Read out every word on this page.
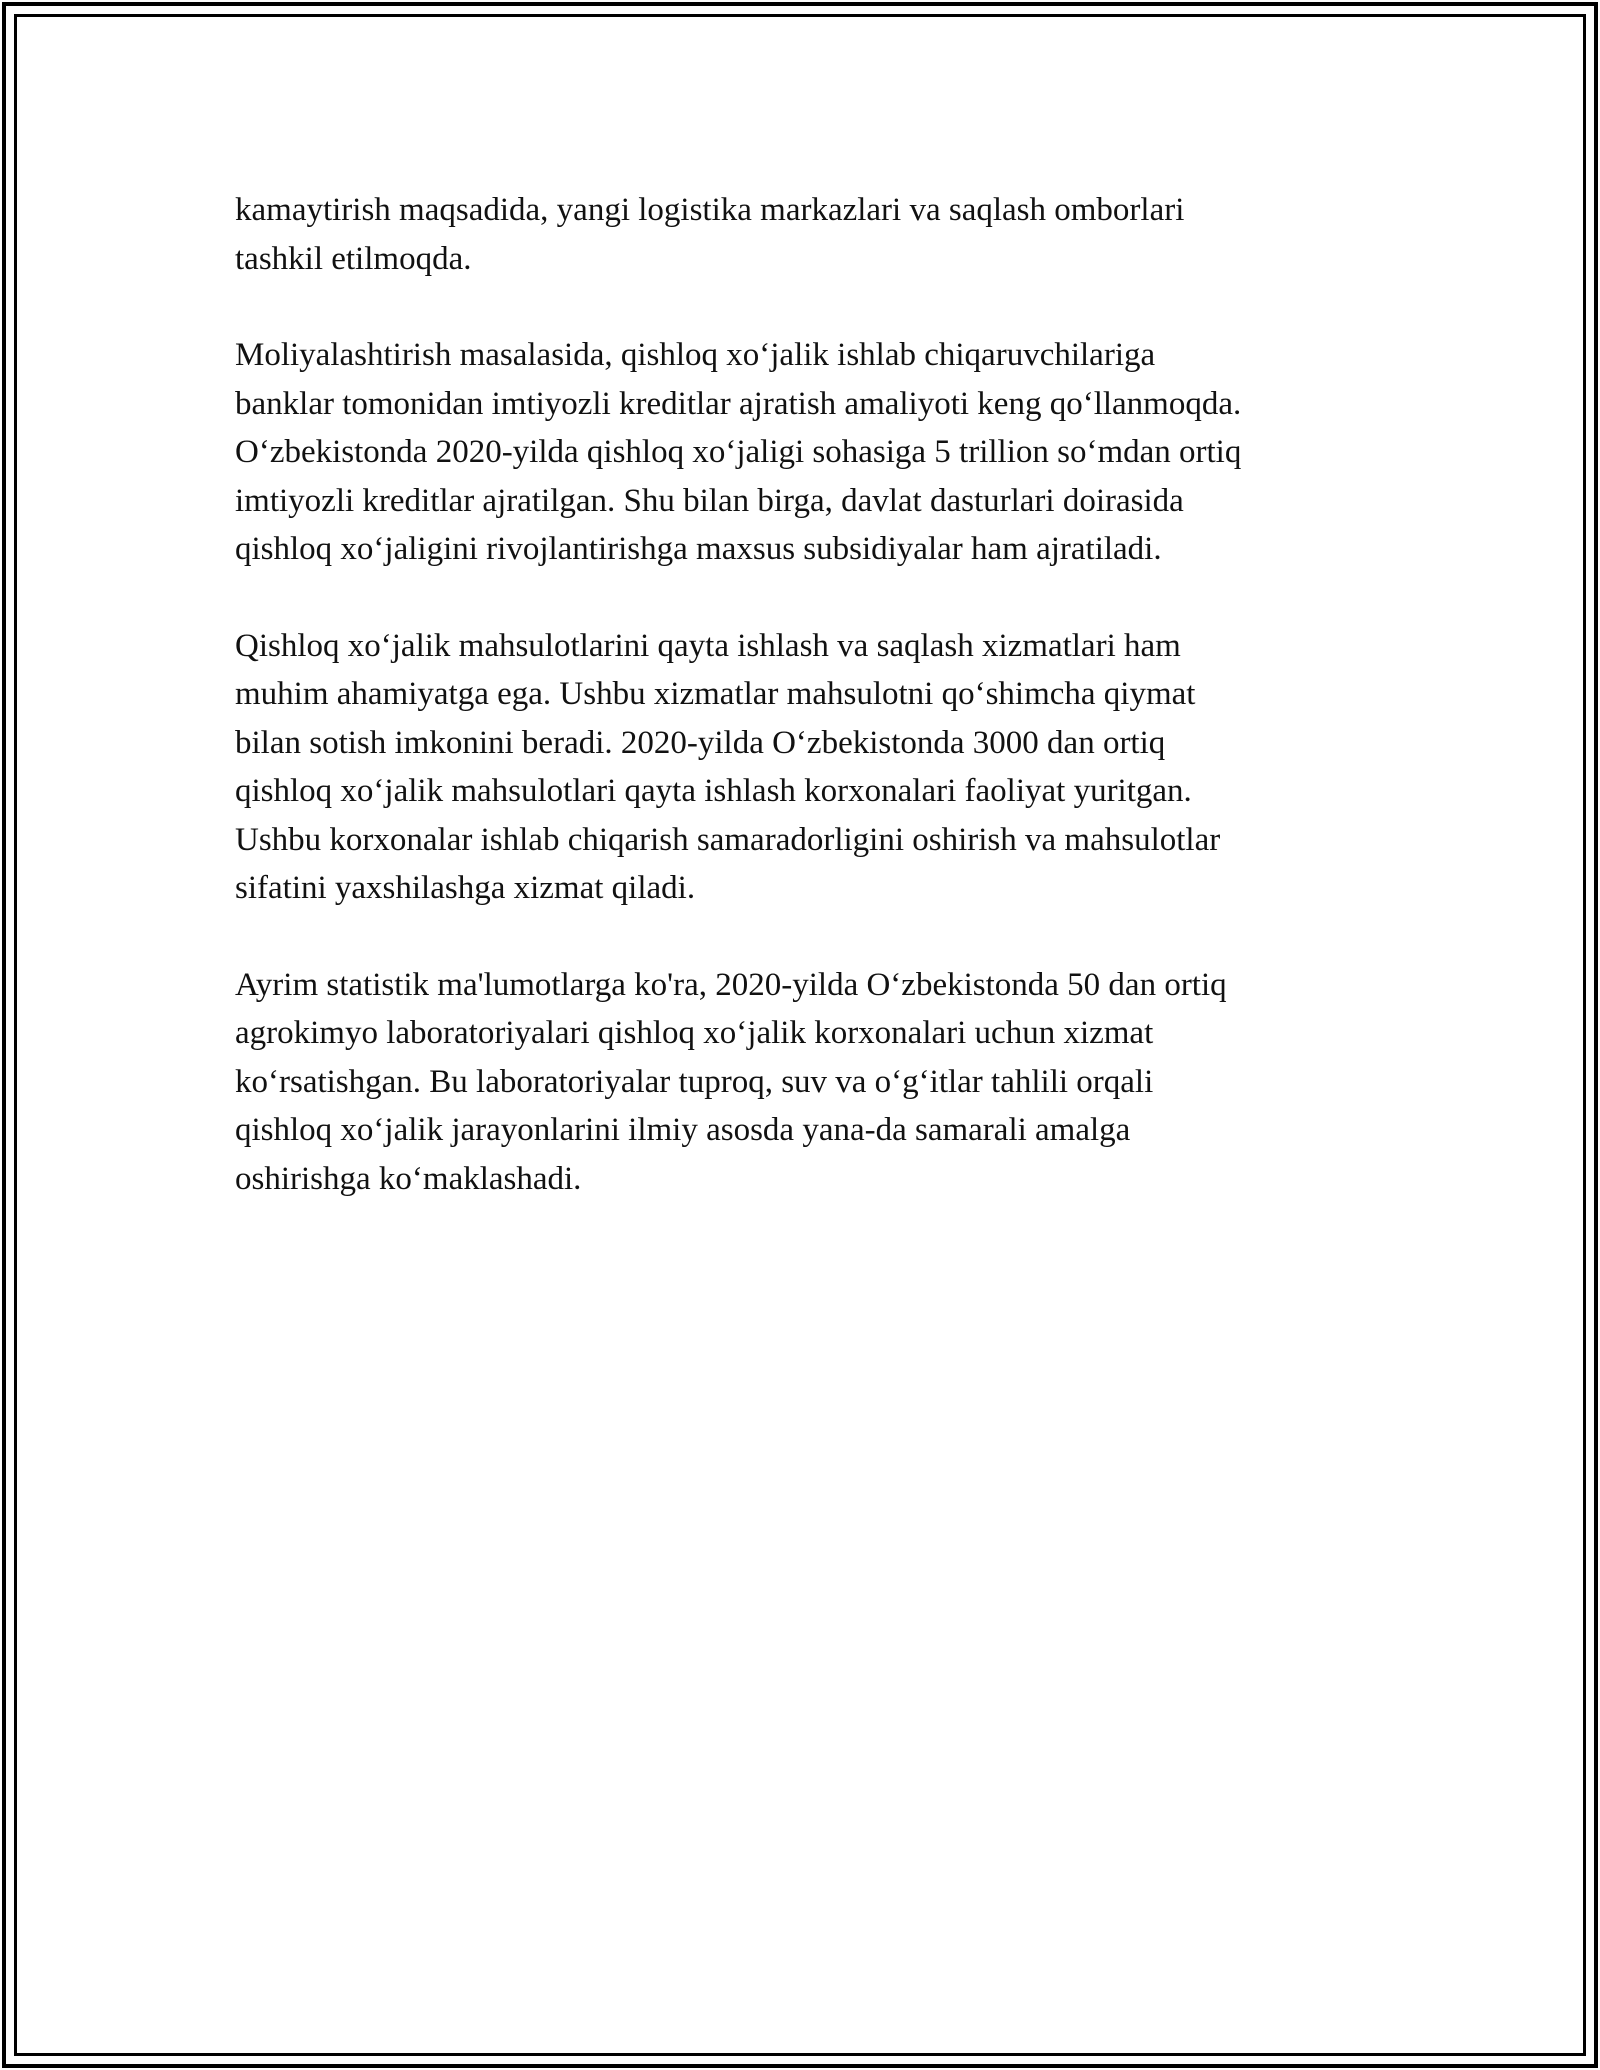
kamaytirish maqsadida, yangi logistika markazlari va saqlash omborlari
tashkil etilmoqda.

Moliyalashtirish masalasida, qishloq xo‘jalik ishlab chiqaruvchilariga
banklar tomonidan imtiyozli kreditlar ajratish amaliyoti keng qo‘llanmoqda.
O‘zbekistonda 2020-yilda qishloq xo‘jaligi sohasiga 5 trillion so‘mdan ortiq
imtiyozli kreditlar ajratilgan. Shu bilan birga, davlat dasturlari doirasida
qishloq xo‘jaligini rivojlantirishga maxsus subsidiyalar ham ajratiladi.

Qishloq xo‘jalik mahsulotlarini qayta ishlash va saqlash xizmatlari ham
muhim ahamiyatga ega. Ushbu xizmatlar mahsulotni qo‘shimcha qiymat
bilan sotish imkonini beradi. 2020-yilda O‘zbekistonda 3000 dan ortiq
qishloq xo‘jalik mahsulotlari qayta ishlash korxonalari faoliyat yuritgan.
Ushbu korxonalar ishlab chiqarish samaradorligini oshirish va mahsulotlar
sifatini yaxshilashga xizmat qiladi.

Ayrim statistik ma'lumotlarga ko'ra, 2020-yilda O‘zbekistonda 50 dan ortiq
agrokimyo laboratoriyalari qishloq xo‘jalik korxonalari uchun xizmat
ko‘rsatishgan. Bu laboratoriyalar tuproq, suv va o‘g‘itlar tahlili orqali
qishloq xo‘jalik jarayonlarini ilmiy asosda yana-da samarali amalga
oshirishga ko‘maklashadi.
